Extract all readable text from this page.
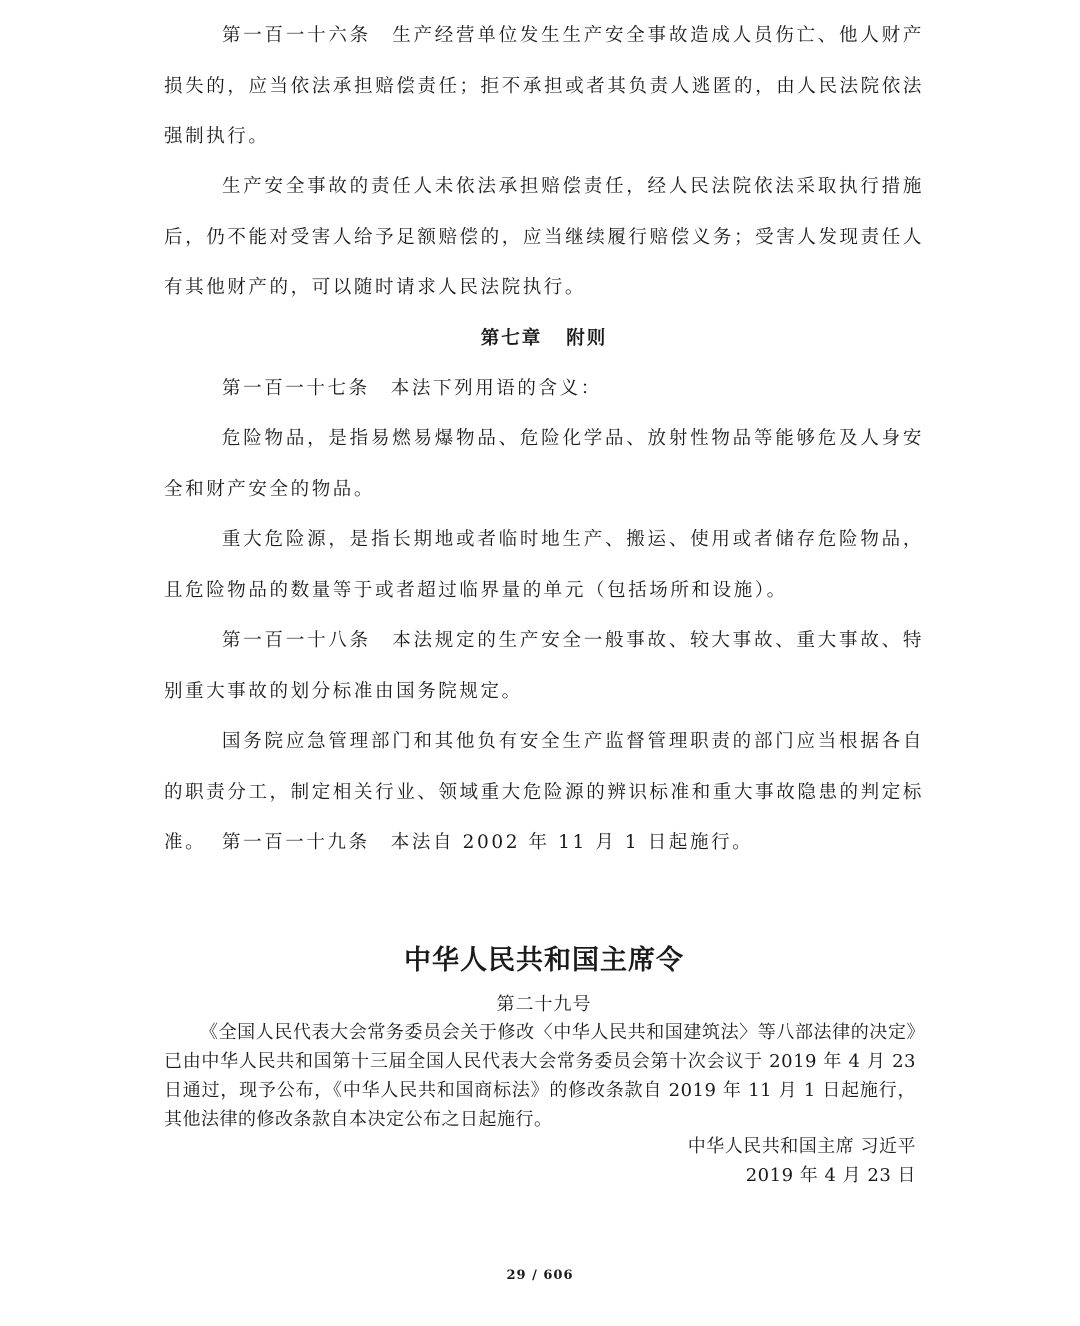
第一百一十六条　生产经营单位发生生产安全事故造成人员伤亡、他人财产损失的，应当依法承担赔偿责任；拒不承担或者其负责人逃匿的，由人民法院依法强制执行。

生产安全事故的责任人未依法承担赔偿责任，经人民法院依法采取执行措施后，仍不能对受害人给予足额赔偿的，应当继续履行赔偿义务；受害人发现责任人有其他财产的，可以随时请求人民法院执行。

第七章 附则

第一百一十七条　本法下列用语的含义：

危险物品，是指易燃易爆物品、危险化学品、放射性物品等能够危及人身安全和财产安全的物品。

重大危险源，是指长期地或者临时地生产、搬运、使用或者储存危险物品，且危险物品的数量等于或者超过临界量的单元（包括场所和设施）。

第一百一十八条　本法规定的生产安全一般事故、较大事故、重大事故、特别重大事故的划分标准由国务院规定。

国务院应急管理部门和其他负有安全生产监督管理职责的部门应当根据各自的职责分工，制定相关行业、领域重大危险源的辨识标准和重大事故隐患的判定标准。 第一百一十九条　本法自 2002 年 11 月 1 日起施行。

中华人民共和国主席令
第二十九号

《全国人民代表大会常务委员会关于修改〈中华人民共和国建筑法〉等八部法律的决定》已由中华人民共和国第十三届全国人民代表大会常务委员会第十次会议于 2019 年 4 月 23 日通过，现予公布，《中华人民共和国商标法》的修改条款自 2019 年 11 月 1 日起施行，其他法律的修改条款自本决定公布之日起施行。

中华人民共和国主席 习近平
2019 年 4 月 23 日
29 / 606
